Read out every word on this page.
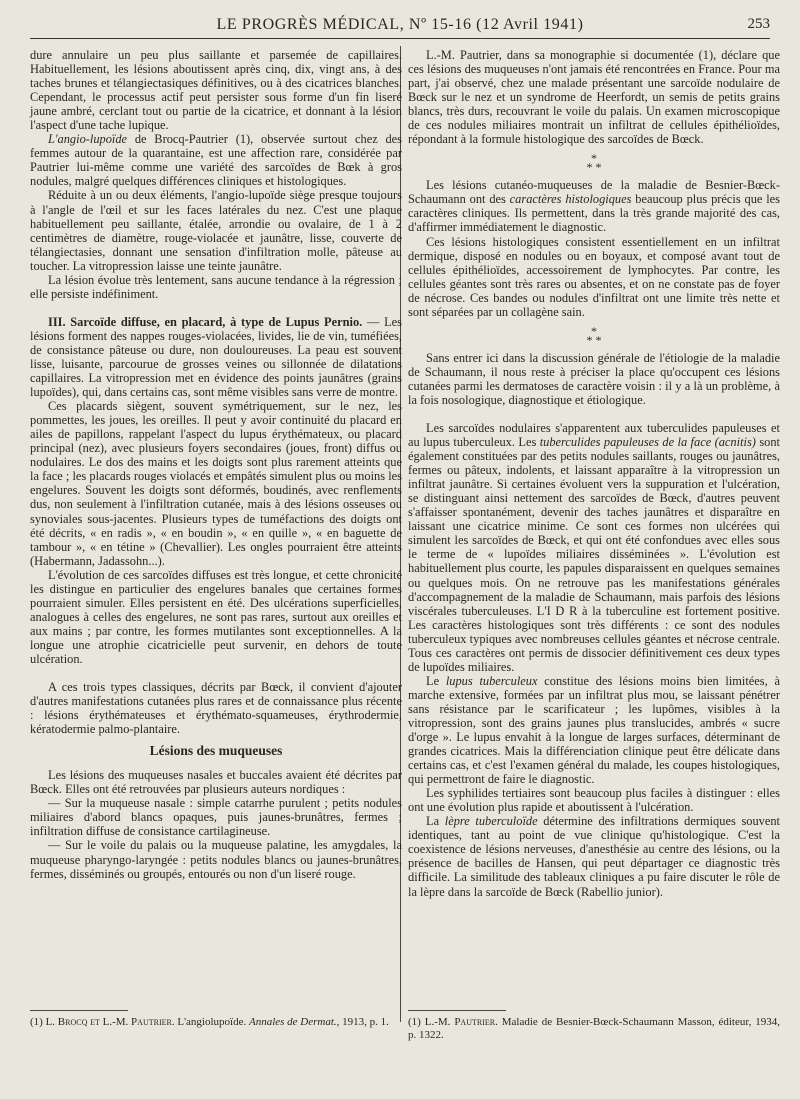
LE PROGRÈS MÉDICAL, Nº 15-16 (12 Avril 1941)	253

dure annulaire un peu plus saillante et parsemée de capillaires. Habituellement, les lésions aboutissent après cinq, dix, vingt ans, à des taches brunes et télangiectasiques définitives, ou à des cicatrices blanches. Cependant, le processus actif peut persister sous forme d'un fin liseré jaune ambré, cerclant tout ou partie de la cicatrice, et donnant à la lésion l'aspect d'une tache lupique.

L'angio-lupoïde de Brocq-Pautrier (1), observée surtout chez des femmes autour de la quarantaine, est une affection rare, considérée par Pautrier lui-même comme une variété des sarcoïdes de Bœk à gros nodules, malgré quelques différences cliniques et histologiques.

Réduite à un ou deux éléments, l'angio-lupoïde siège presque toujours à l'angle de l'œil et sur les faces latérales du nez. C'est une plaque habituellement peu saillante, étalée, arrondie ou ovalaire, de 1 à 2 centimètres de diamètre, rouge-violacée et jaunâtre, lisse, couverte de télangiectasies, donnant une sensation d'infiltration molle, pâteuse au toucher. La vitropression laisse une teinte jaunâtre.

La lésion évolue très lentement, sans aucune tendance à la régression ; elle persiste indéfiniment.

III. Sarcoïde diffuse, en placard, à type de Lupus Pernio. — Les lésions forment des nappes rouges-violacées, livides, lie de vin, tuméfiées, de consistance pâteuse ou dure, non douloureuses. La peau est souvent lisse, luisante, parcourue de grosses veines ou sillonnée de dilatations capillaires. La vitropression met en évidence des points jaunâtres (grains lupoïdes), qui, dans certains cas, sont même visibles sans verre de montre.

Ces placards siègent, souvent symétriquement, sur le nez, les pommettes, les joues, les oreilles. Il peut y avoir continuité du placard en ailes de papillons, rappelant l'aspect du lupus érythémateux, ou placard principal (nez), avec plusieurs foyers secondaires (joues, front) diffus ou nodulaires. Le dos des mains et les doigts sont plus rarement atteints que la face ; les placards rouges violacés et empâtés simulent plus ou moins les engelures. Souvent les doigts sont déformés, boudinés, avec renflements dus, non seulement à l'infiltration cutanée, mais à des lésions osseuses ou synoviales sous-jacentes. Plusieurs types de tuméfactions des doigts ont été décrits, « en radis », « en boudin », « en quille », « en baguette de tambour », « en tétine » (Chevallier). Les ongles pourraient être atteints (Habermann, Jadassohn...).

L'évolution de ces sarcoïdes diffuses est très longue, et cette chronicité les distingue en particulier des engelures banales que certaines formes pourraient simuler. Elles persistent en été. Des ulcérations superficielles, analogues à celles des engelures, ne sont pas rares, surtout aux oreilles et aux mains ; par contre, les formes mutilantes sont exceptionnelles. A la longue une atrophie cicatricielle peut survenir, en dehors de toute ulcération.

A ces trois types classiques, décrits par Bœck, il convient d'ajouter d'autres manifestations cutanées plus rares et de connaissance plus récente : lésions érythémateuses et érythémato-squameuses, érythrodermie, kératodermie palmo-plantaire.

Lésions des muqueuses

Les lésions des muqueuses nasales et buccales avaient été décrites par Bœck. Elles ont été retrouvées par plusieurs auteurs nordiques :

— Sur la muqueuse nasale : simple catarrhe purulent ; petits nodules miliaires d'abord blancs opaques, puis jaunes-brunâtres, fermes ; infiltration diffuse de consistance cartilagineuse.

— Sur le voile du palais ou la muqueuse palatine, les amygdales, la muqueuse pharyngo-laryngée : petits nodules blancs ou jaunes-brunâtres, fermes, disséminés ou groupés, entourés ou non d'un liseré rouge.

L.-M. Pautrier, dans sa monographie si documentée (1), déclare que ces lésions des muqueuses n'ont jamais été rencontrées en France. Pour ma part, j'ai observé, chez une malade présentant une sarcoïde nodulaire de Bœck sur le nez et un syndrome de Heerfordt, un semis de petits grains blancs, très durs, recouvrant le voile du palais. Un examen microscopique de ces nodules miliaires montrait un infiltrat de cellules épithélioïdes, répondant à la formule histologique des sarcoïdes de Bœck.

*
* *

Les lésions cutanéo-muqueuses de la maladie de Besnier-Bœck-Schaumann ont des caractères histologiques beaucoup plus précis que les caractères cliniques. Ils permettent, dans la très grande majorité des cas, d'affirmer immédiatement le diagnostic.

Ces lésions histologiques consistent essentiellement en un infiltrat dermique, disposé en nodules ou en boyaux, et composé avant tout de cellules épithélioïdes, accessoirement de lymphocytes. Par contre, les cellules géantes sont très rares ou absentes, et on ne constate pas de foyer de nécrose. Ces bandes ou nodules d'infiltrat ont une limite très nette et sont séparées par un collagène sain.

*
* *

Sans entrer ici dans la discussion générale de l'étiologie de la maladie de Schaumann, il nous reste à préciser la place qu'occupent ces lésions cutanées parmi les dermatoses de caractère voisin : il y a là un problème, à la fois nosologique, diagnostique et étiologique.

Les sarcoïdes nodulaires s'apparentent aux tuberculides papuleuses et au lupus tuberculeux. Les tuberculides papuleuses de la face (acnitis) sont également constituées par des petits nodules saillants, rouges ou jaunâtres, fermes ou pâteux, indolents, et laissant apparaître à la vitropression un infiltrat jaunâtre. Si certaines évoluent vers la suppuration et l'ulcération, se distinguant ainsi nettement des sarcoïdes de Bœck, d'autres peuvent s'affaisser spontanément, devenir des taches jaunâtres et disparaître en laissant une cicatrice minime. Ce sont ces formes non ulcérées qui simulent les sarcoïdes de Bœck, et qui ont été confondues avec elles sous le terme de « lupoïdes miliaires disséminées ». L'évolution est habituellement plus courte, les papules disparaissent en quelques semaines ou quelques mois. On ne retrouve pas les manifestations générales d'accompagnement de la maladie de Schaumann, mais parfois des lésions viscérales tuberculeuses. L'I D R à la tuberculine est fortement positive. Les caractères histologiques sont très différents : ce sont des nodules tuberculeux typiques avec nombreuses cellules géantes et nécrose centrale. Tous ces caractères ont permis de dissocier définitivement ces deux types de lupoïdes miliaires.

Le lupus tuberculeux constitue des lésions moins bien limitées, à marche extensive, formées par un infiltrat plus mou, se laissant pénétrer sans résistance par le scarificateur ; les lupômes, visibles à la vitropression, sont des grains jaunes plus translucides, ambrés « sucre d'orge ». Le lupus envahit à la longue de larges surfaces, déterminant de grandes cicatrices. Mais la différenciation clinique peut être délicate dans certains cas, et c'est l'examen général du malade, les coupes histologiques, qui permettront de faire le diagnostic.

Les syphilides tertiaires sont beaucoup plus faciles à distinguer : elles ont une évolution plus rapide et aboutissent à l'ulcération.

La lèpre tuberculoïde détermine des infiltrations dermiques souvent identiques, tant au point de vue clinique qu'histologique. C'est la coexistence de lésions nerveuses, d'anesthésie au centre des lésions, ou la présence de bacilles de Hansen, qui peut départager ce diagnostic très difficile. La similitude des tableaux cliniques a pu faire discuter le rôle de la lèpre dans la sarcoïde de Bœck (Rabellio junior).

(1) L. Brocq et L.-M. Pautrier. L'angiolupoïde. Annales de Dermat., 1913, p. 1.	(1) L.-M. Pautrier. Maladie de Besnier-Bœck-Schaumann Masson, éditeur, 1934, p. 1322.
